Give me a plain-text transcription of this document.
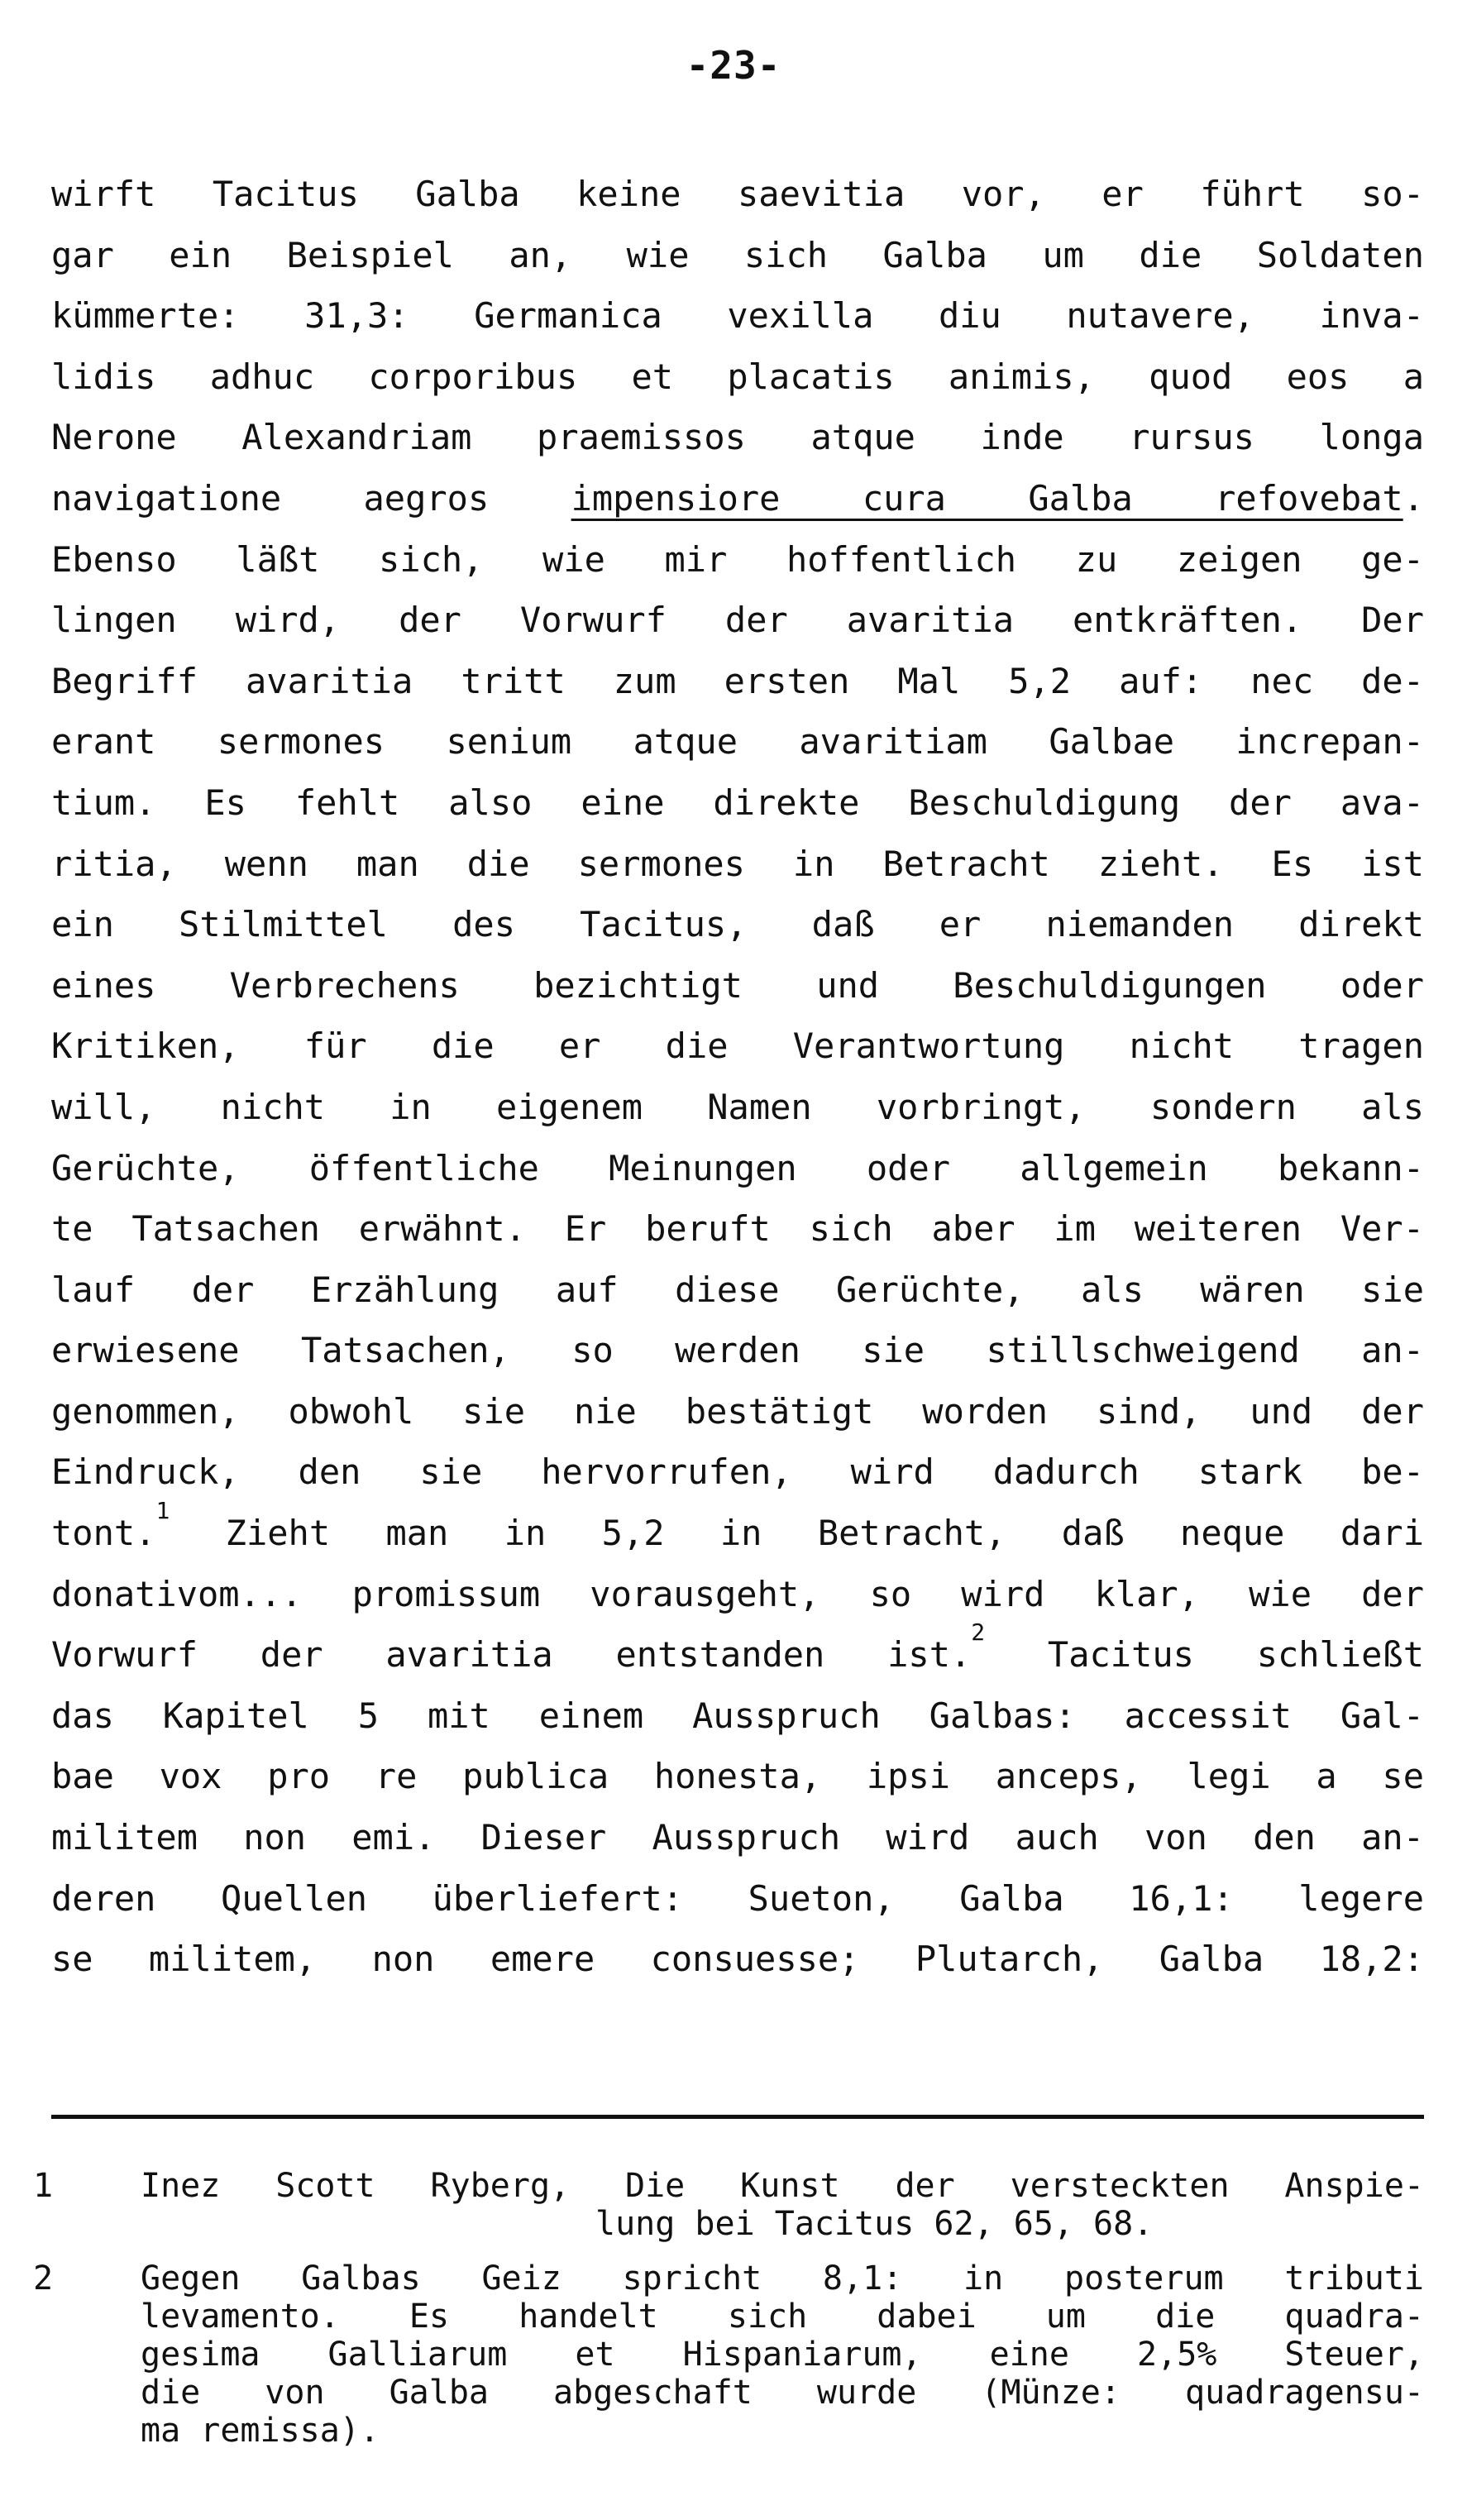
-23-
wirft Tacitus Galba keine saevitia vor, er führt so-
gar ein Beispiel an, wie sich Galba um die Soldaten
kümmerte: 31,3: Germanica vexilla diu nutavere, inva-
lidis adhuc corporibus et placatis animis, quod eos a
Nerone Alexandriam praemissos atque inde rursus longa
navigatione aegros impensiore cura Galba refovebat.
Ebenso läßt sich, wie mir hoffentlich zu zeigen ge-
lingen wird, der Vorwurf der avaritia entkräften. Der
Begriff avaritia tritt zum ersten Mal 5,2 auf: nec de-
erant sermones senium atque avaritiam Galbae increpan-
tium. Es fehlt also eine direkte Beschuldigung der ava-
ritia, wenn man die sermones in Betracht zieht. Es ist
ein Stilmittel des Tacitus, daß er niemanden direkt
eines Verbrechens bezichtigt und Beschuldigungen oder
Kritiken, für die er die Verantwortung nicht tragen
will, nicht in eigenem Namen vorbringt, sondern als
Gerüchte, öffentliche Meinungen oder allgemein bekann-
te Tatsachen erwähnt. Er beruft sich aber im weiteren Ver-
lauf der Erzählung auf diese Gerüchte, als wären sie
erwiesene Tatsachen, so werden sie stillschweigend an-
genommen, obwohl sie nie bestätigt worden sind, und der
Eindruck, den sie hervorrufen, wird dadurch stark be-
tont.$^1$ Zieht man in 5,2 in Betracht, daß neque dari
donativom... promissum vorausgeht, so wird klar, wie der
Vorwurf der avaritia entstanden ist.$^2$ Tacitus schließt
das Kapitel 5 mit einem Ausspruch Galbas: accessit Gal-
bae vox pro re publica honesta, ipsi anceps, legi a se
militem non emi. Dieser Ausspruch wird auch von den an-
deren Quellen überliefert: Sueton, Galba 16,1: legere
se militem, non emere consuesse; Plutarch, Galba 18,2:
1	Inez Scott Ryberg, Die Kunst der versteckten Anspie-
lung bei Tacitus 62, 65, 68.
2	Gegen Galbas Geiz spricht 8,1: in posterum tributi
levamento. Es handelt sich dabei um die quadra-
gesima Galliarum et Hispaniarum, eine 2,5% Steuer,
die von Galba abgeschaft wurde (Münze: quadragensu-
ma remissa).
